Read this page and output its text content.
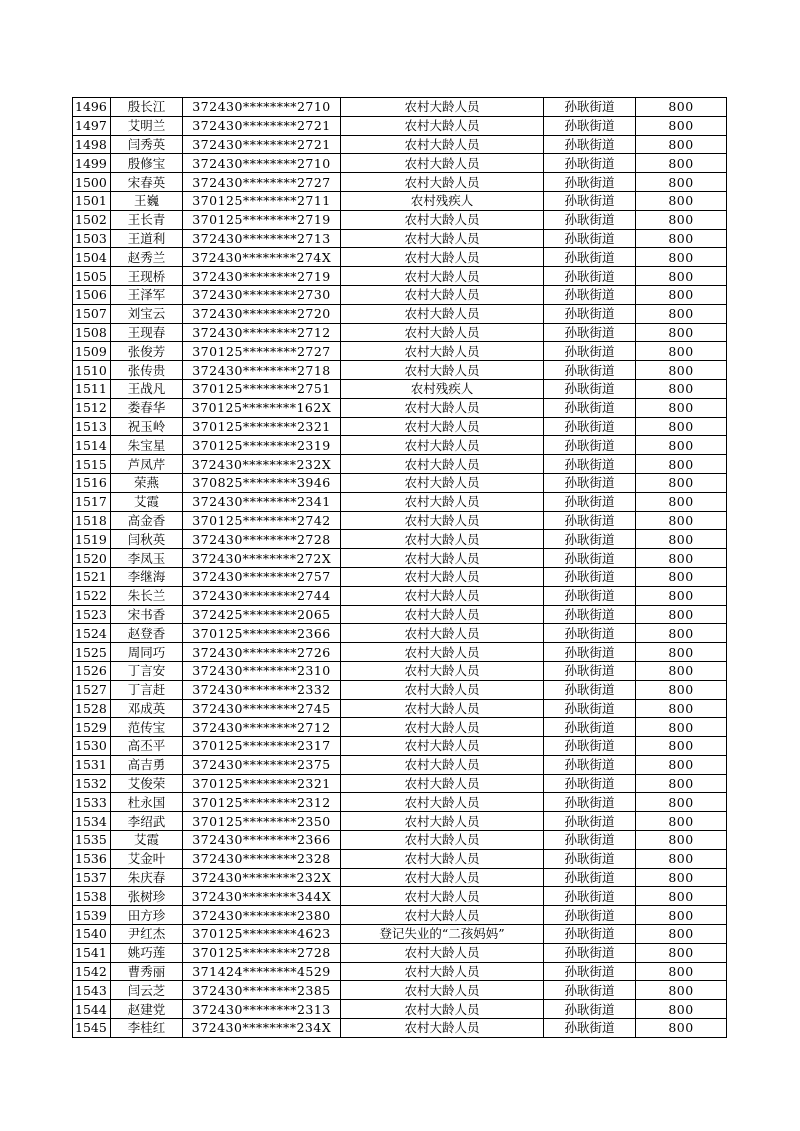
1496	殷长江	372430********2710	农村大龄人员	孙耿街道	800
1497	艾明兰	372430********2721	农村大龄人员	孙耿街道	800
1498	闫秀英	372430********2721	农村大龄人员	孙耿街道	800
1499	殷修宝	372430********2710	农村大龄人员	孙耿街道	800
1500	宋春英	372430********2727	农村大龄人员	孙耿街道	800
1501	王巍	370125********2711	农村残疾人	孙耿街道	800
1502	王长青	370125********2719	农村大龄人员	孙耿街道	800
1503	王道利	372430********2713	农村大龄人员	孙耿街道	800
1504	赵秀兰	372430********274X	农村大龄人员	孙耿街道	800
1505	王现桥	372430********2719	农村大龄人员	孙耿街道	800
1506	王泽军	372430********2730	农村大龄人员	孙耿街道	800
1507	刘宝云	372430********2720	农村大龄人员	孙耿街道	800
1508	王现春	372430********2712	农村大龄人员	孙耿街道	800
1509	张俊芳	370125********2727	农村大龄人员	孙耿街道	800
1510	张传贵	372430********2718	农村大龄人员	孙耿街道	800
1511	王战凡	370125********2751	农村残疾人	孙耿街道	800
1512	娄春华	370125********162X	农村大龄人员	孙耿街道	800
1513	祝玉岭	370125********2321	农村大龄人员	孙耿街道	800
1514	朱宝星	370125********2319	农村大龄人员	孙耿街道	800
1515	芦凤芹	372430********232X	农村大龄人员	孙耿街道	800
1516	荣燕	370825********3946	农村大龄人员	孙耿街道	800
1517	艾霞	372430********2341	农村大龄人员	孙耿街道	800
1518	高金香	370125********2742	农村大龄人员	孙耿街道	800
1519	闫秋英	372430********2728	农村大龄人员	孙耿街道	800
1520	李凤玉	372430********272X	农村大龄人员	孙耿街道	800
1521	李继海	372430********2757	农村大龄人员	孙耿街道	800
1522	朱长兰	372430********2744	农村大龄人员	孙耿街道	800
1523	宋书香	372425********2065	农村大龄人员	孙耿街道	800
1524	赵登香	370125********2366	农村大龄人员	孙耿街道	800
1525	周同巧	372430********2726	农村大龄人员	孙耿街道	800
1526	丁言安	372430********2310	农村大龄人员	孙耿街道	800
1527	丁言赶	372430********2332	农村大龄人员	孙耿街道	800
1528	邓成英	372430********2745	农村大龄人员	孙耿街道	800
1529	范传宝	372430********2712	农村大龄人员	孙耿街道	800
1530	高丕平	370125********2317	农村大龄人员	孙耿街道	800
1531	高吉勇	372430********2375	农村大龄人员	孙耿街道	800
1532	艾俊荣	370125********2321	农村大龄人员	孙耿街道	800
1533	杜永国	370125********2312	农村大龄人员	孙耿街道	800
1534	李绍武	370125********2350	农村大龄人员	孙耿街道	800
1535	艾霞	372430********2366	农村大龄人员	孙耿街道	800
1536	艾金叶	372430********2328	农村大龄人员	孙耿街道	800
1537	朱庆春	372430********232X	农村大龄人员	孙耿街道	800
1538	张树珍	372430********344X	农村大龄人员	孙耿街道	800
1539	田方珍	372430********2380	农村大龄人员	孙耿街道	800
1540	尹红杰	370125********4623	登记失业的“二孩妈妈”	孙耿街道	800
1541	姚巧莲	370125********2728	农村大龄人员	孙耿街道	800
1542	曹秀丽	371424********4529	农村大龄人员	孙耿街道	800
1543	闫云芝	372430********2385	农村大龄人员	孙耿街道	800
1544	赵建党	372430********2313	农村大龄人员	孙耿街道	800
1545	李桂红	372430********234X	农村大龄人员	孙耿街道	800
